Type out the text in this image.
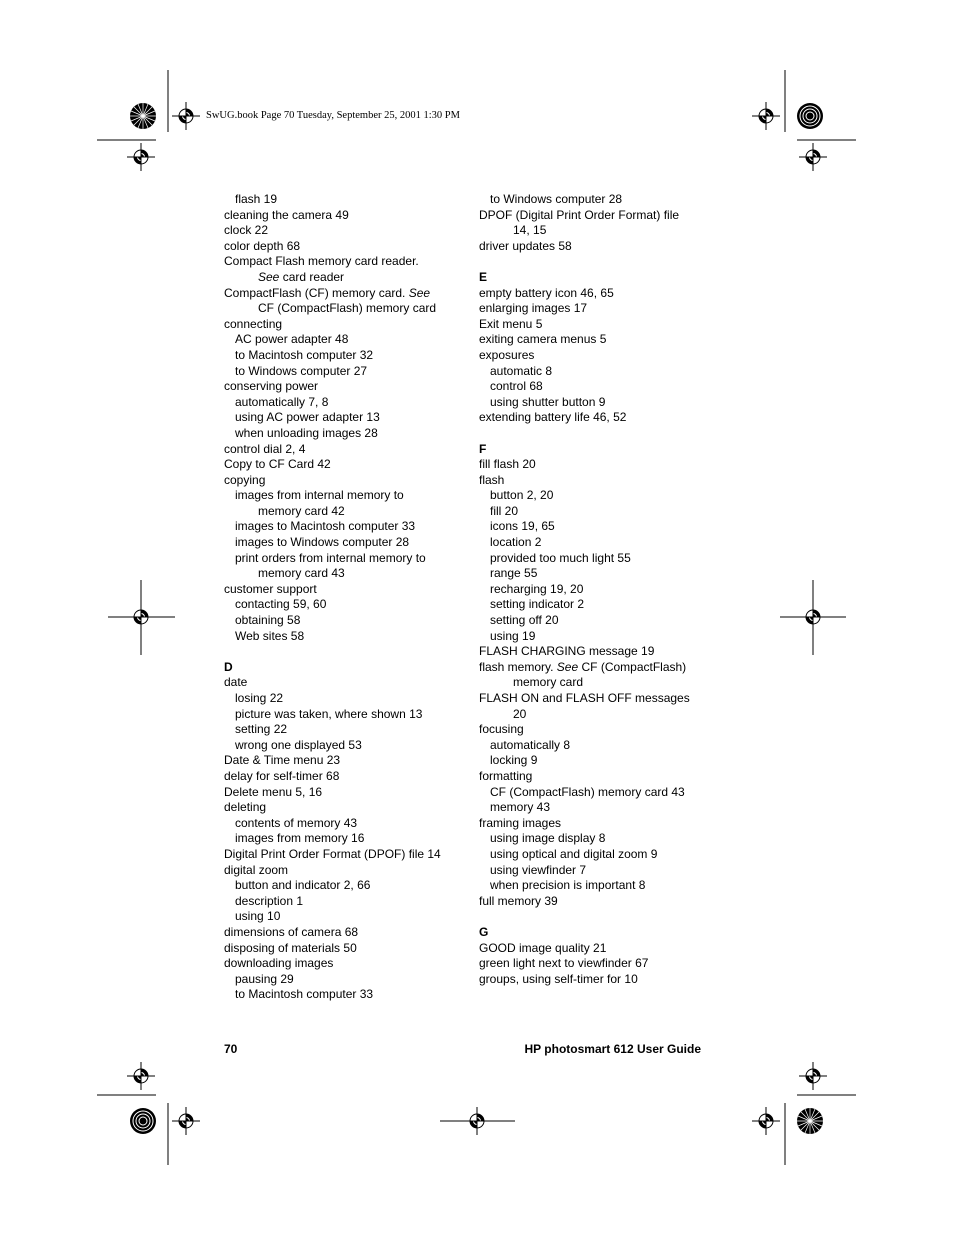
SwUG.book Page 70 Tuesday, September 25, 2001 1:30 PM
flash 19
cleaning the camera 49
clock 22
color depth 68
Compact Flash memory card reader.
See card reader
CompactFlash (CF) memory card. See
CF (CompactFlash) memory card
connecting
AC power adapter 48
to Macintosh computer 32
to Windows computer 27
conserving power
automatically 7, 8
using AC power adapter 13
when unloading images 28
control dial 2, 4
Copy to CF Card 42
copying
images from internal memory to
memory card 42
images to Macintosh computer 33
images to Windows computer 28
print orders from internal memory to
memory card 43
customer support
contacting 59, 60
obtaining 58
Web sites 58
D
date
losing 22
picture was taken, where shown 13
setting 22
wrong one displayed 53
Date & Time menu 23
delay for self-timer 68
Delete menu 5, 16
deleting
contents of memory 43
images from memory 16
Digital Print Order Format (DPOF) file 14
digital zoom
button and indicator 2, 66
description 1
using 10
dimensions of camera 68
disposing of materials 50
downloading images
pausing 29
to Macintosh computer 33
to Windows computer 28
DPOF (Digital Print Order Format) file
14, 15
driver updates 58
E
empty battery icon 46, 65
enlarging images 17
Exit menu 5
exiting camera menus 5
exposures
automatic 8
control 68
using shutter button 9
extending battery life 46, 52
F
fill flash 20
flash
button 2, 20
fill 20
icons 19, 65
location 2
provided too much light 55
range 55
recharging 19, 20
setting indicator 2
setting off 20
using 19
FLASH CHARGING message 19
flash memory. See CF (CompactFlash)
memory card
FLASH ON and FLASH OFF messages
20
focusing
automatically 8
locking 9
formatting
CF (CompactFlash) memory card 43
memory 43
framing images
using image display 8
using optical and digital zoom 9
using viewfinder 7
when precision is important 8
full memory 39
G
GOOD image quality 21
green light next to viewfinder 67
groups, using self-timer for 10
70	HP photosmart 612 User Guide
